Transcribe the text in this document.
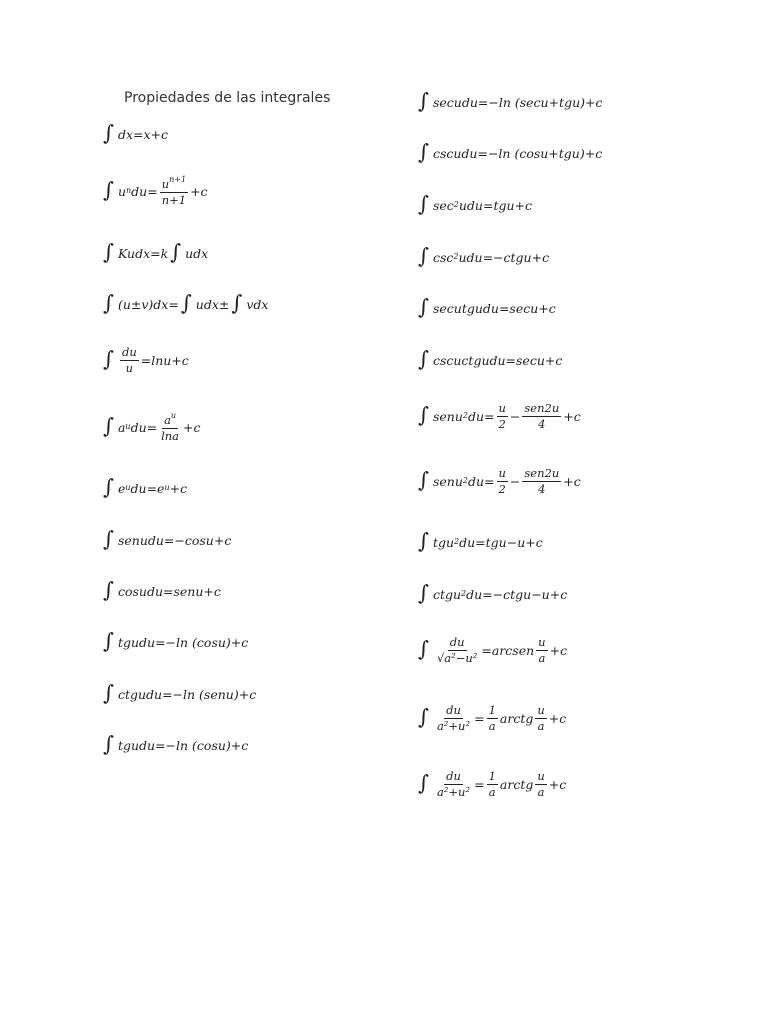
Propiedades de las integrales
∫ dx=x+c
∫ $u^n$ $du= \frac{u^{n+1}}{n+1} +c$
∫ Kudx=k ∫ udx
∫ (u±v)dx= ∫ udx± ∫ vdx
∫ $\frac{du}{u} =\ln u+c$
∫ $a^u$ $du= \frac{a^u}{\ln a} +c$
∫ $e^u$ $du=e^u +c$
∫ senudu=−cosu+c
∫ cosudu=senu+c
∫ tgudu=−ln (cosu)+c
∫ ctgudu=−ln (senu)+c
∫ tgudu=−ln (cosu)+c
∫ secudu=−ln (secu+tgu)+c
∫ cscudu=−ln (cosu+tgu)+c
∫ $\sec^2 udu=tgu+c$
∫ $\csc^2$ udu=−ctgu+c
∫ secutgudu=secu+c
∫ cscuctgudu=secu+c
∫ senu$^2$ $du= \frac{u}{2} - \frac{\text{sen2u}}{4} +c$
∫ senu$^2$ $du= \frac{u}{2} - \frac{\text{sen2u}}{4} +c$
∫ tgu$^2$ du=tgu−u+c
∫ ctgu$^2$ du=−ctgu−u+c
∫ $\frac{du}{\text{√a²−u²}}$ =arcsen $\frac{u}{a} +c$
∫ $\frac{du}{\text{a²+u²}} = \frac{1}{a}$ arctg $\frac{u}{a} +c$
∫ $\frac{du}{\text{a²+u²}} = \frac{1}{a}$ arctg $\frac{u}{a} +c$
